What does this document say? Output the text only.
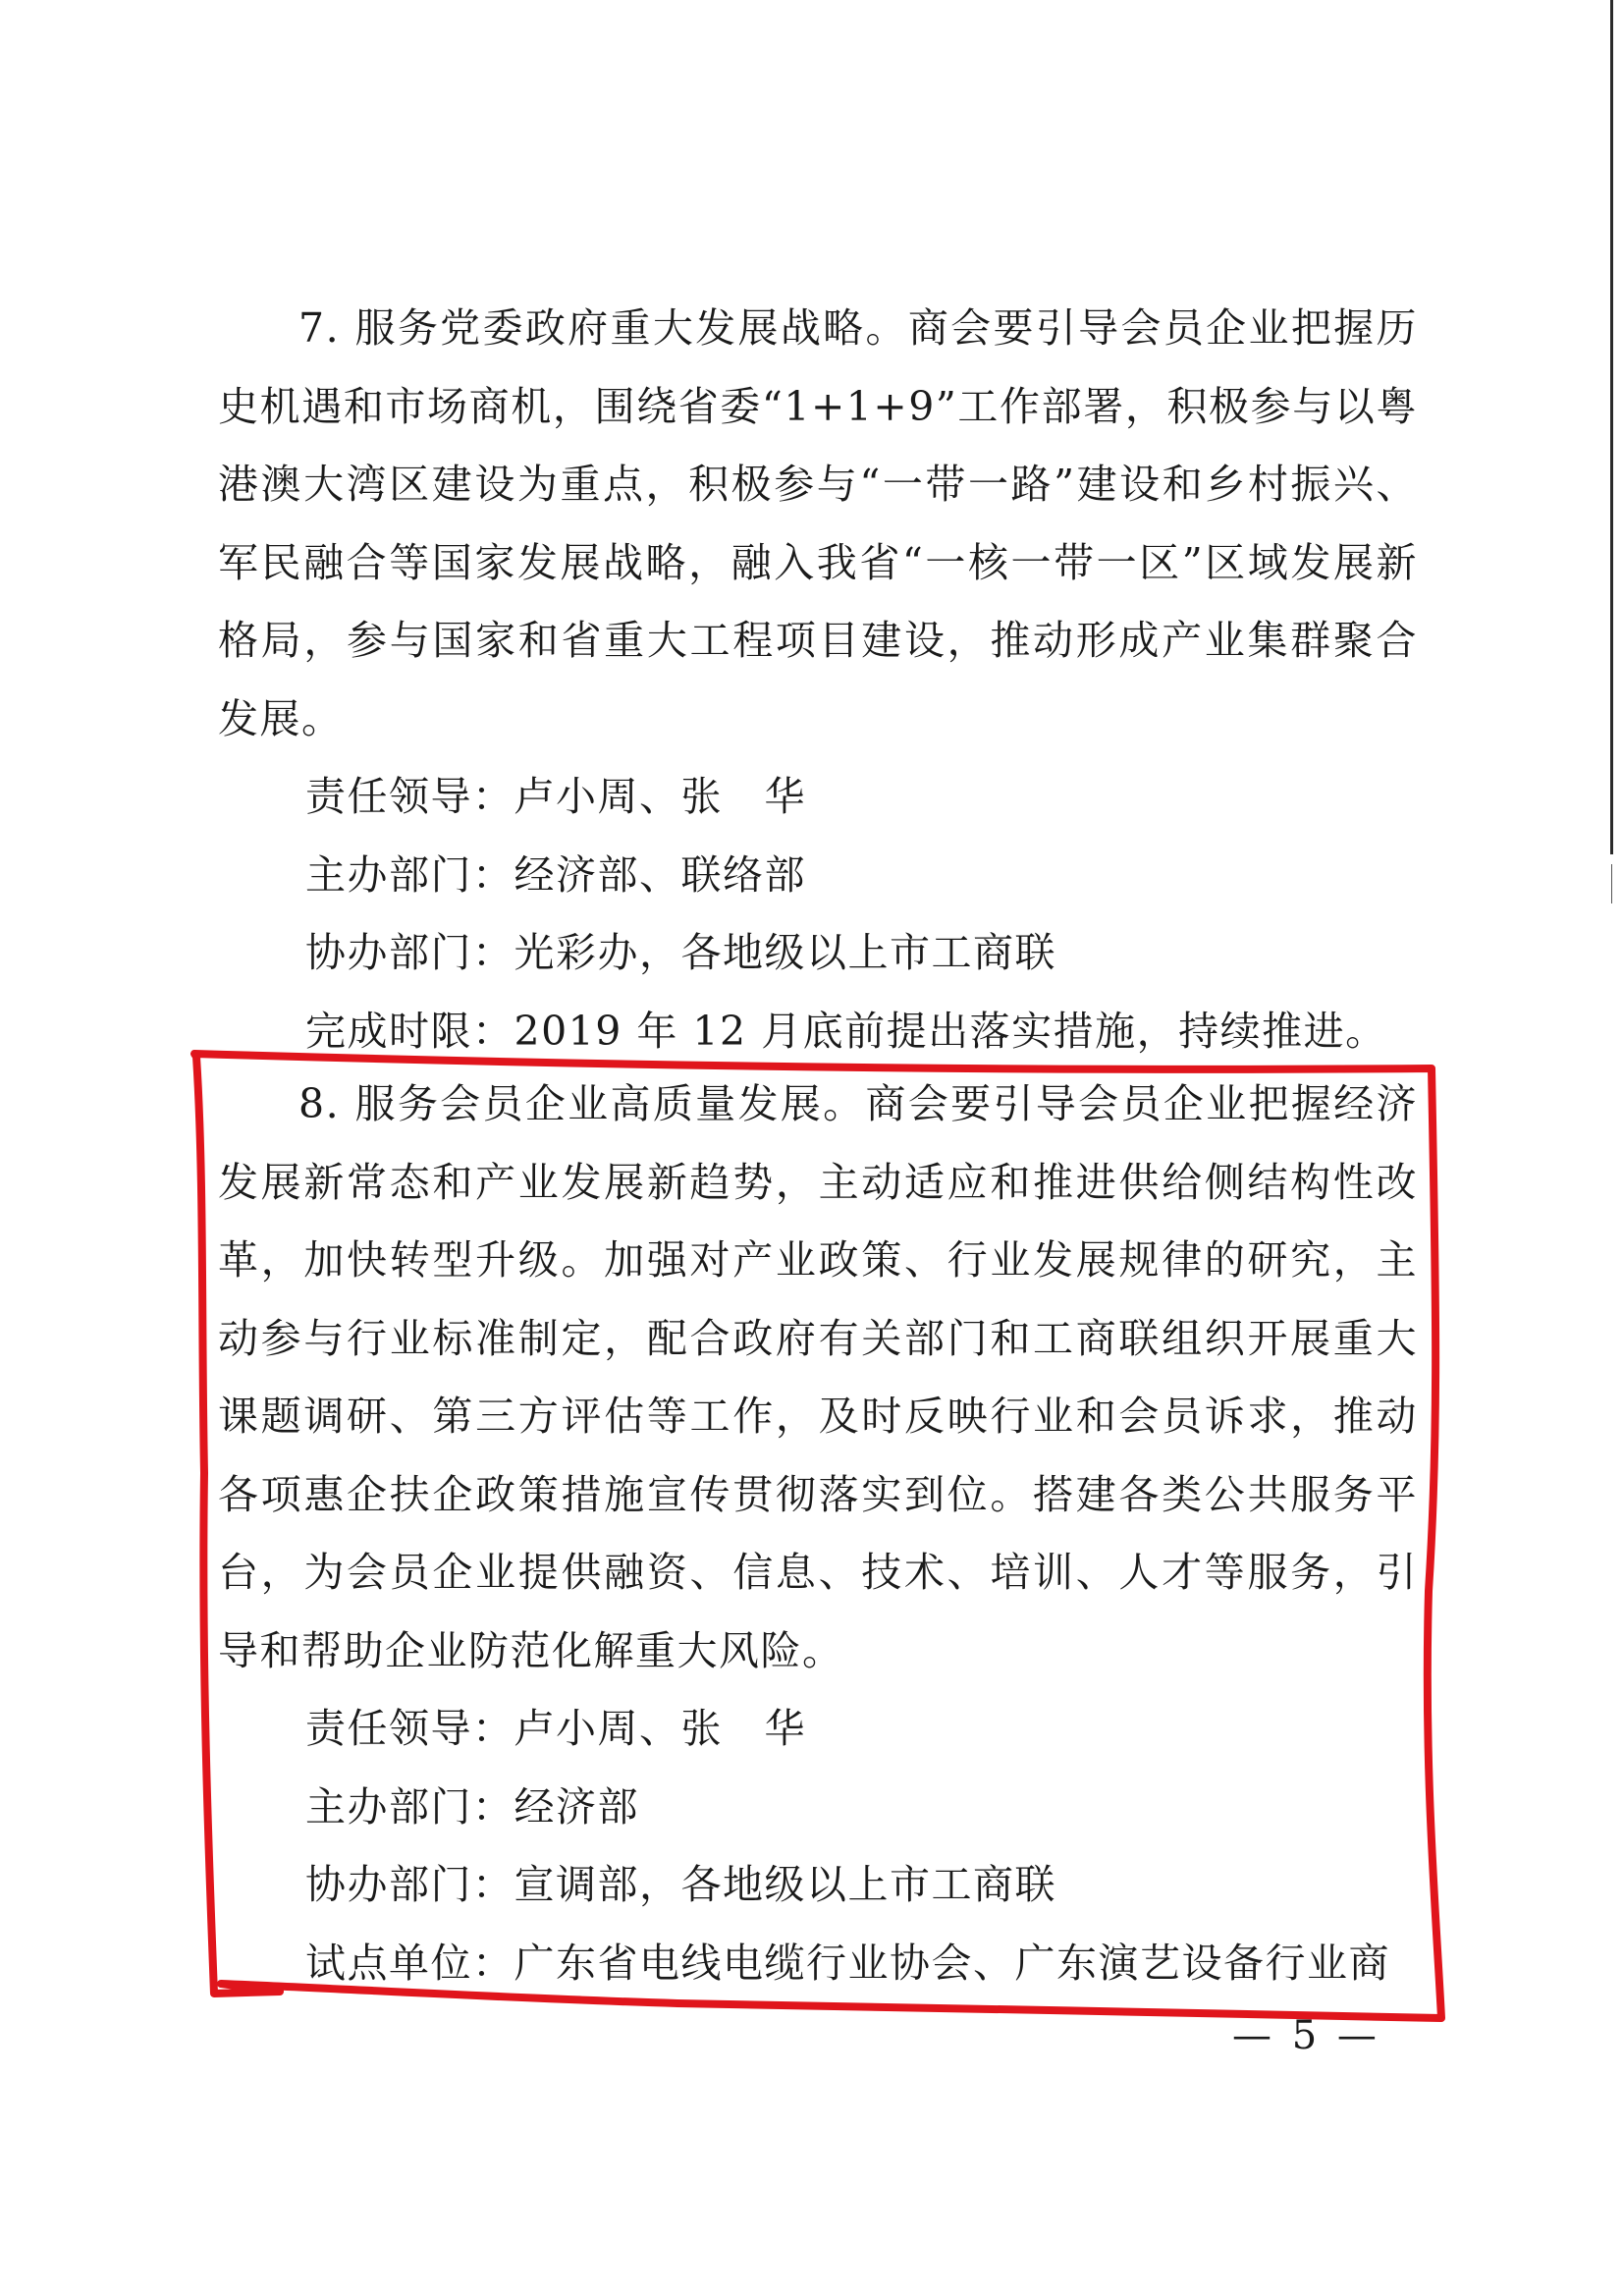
7. 服务党委政府重大发展战略。商会要引导会员企业把握历史机遇和市场商机，围绕省委“1+1+9”工作部署，积极参与以粤港澳大湾区建设为重点，积极参与“一带一路”建设和乡村振兴、军民融合等国家发展战略，融入我省“一核一带一区”区域发展新格局，参与国家和省重大工程项目建设，推动形成产业集群聚合发展。

责任领导：卢小周、张　华

主办部门：经济部、联络部

协办部门：光彩办，各地级以上市工商联

完成时限：2019 年 12 月底前提出落实措施，持续推进。

8. 服务会员企业高质量发展。商会要引导会员企业把握经济发展新常态和产业发展新趋势，主动适应和推进供给侧结构性改革，加快转型升级。加强对产业政策、行业发展规律的研究，主动参与行业标准制定，配合政府有关部门和工商联组织开展重大课题调研、第三方评估等工作，及时反映行业和会员诉求，推动各项惠企扶企政策措施宣传贯彻落实到位。搭建各类公共服务平台，为会员企业提供融资、信息、技术、培训、人才等服务，引导和帮助企业防范化解重大风险。

责任领导：卢小周、张　华

主办部门：经济部

协办部门：宣调部，各地级以上市工商联

试点单位：广东省电线电缆行业协会、广东演艺设备行业商

— 5 —
